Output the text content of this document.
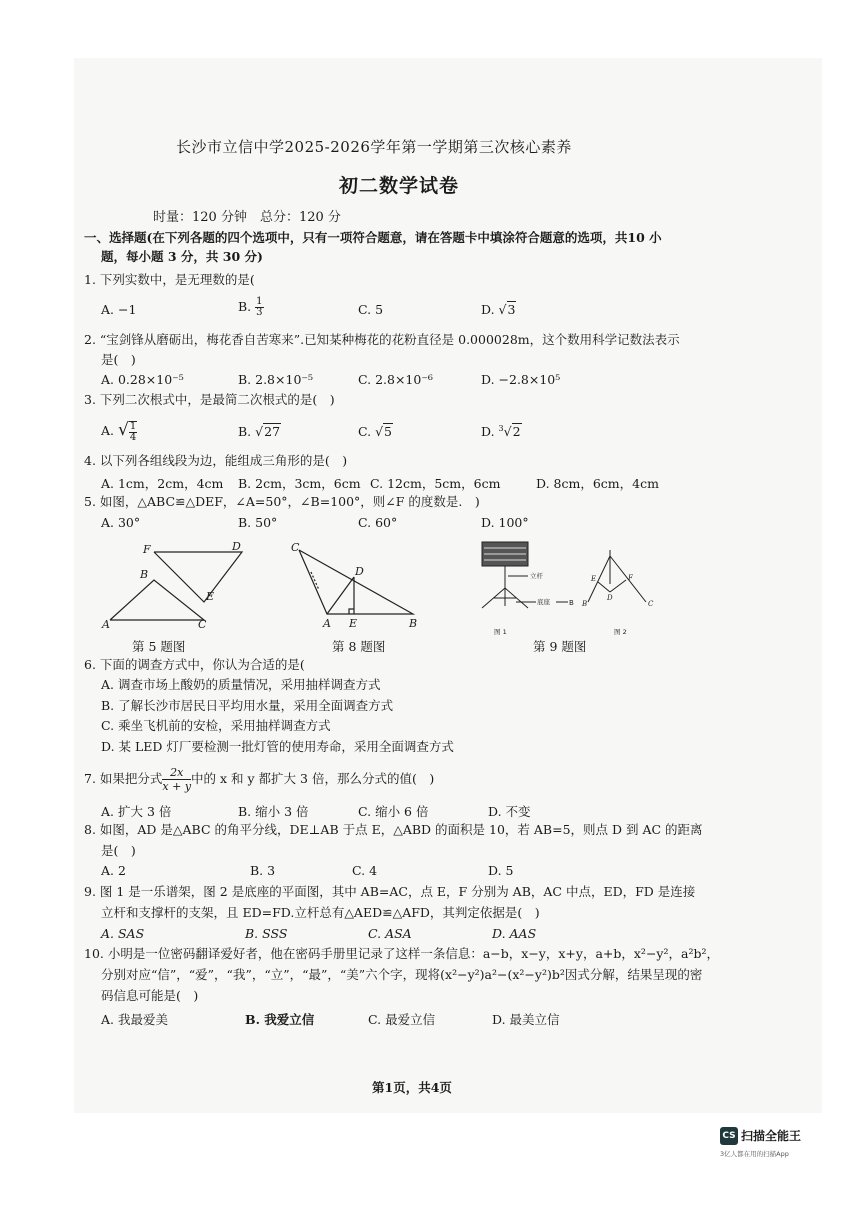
长沙市立信中学2025-2026学年第一学期第三次核心素养
初二数学试卷
时量：120 分钟　总分：120 分
一、选择题(在下列各题的四个选项中，只有一项符合题意，请在答题卡中填涂符合题意的选项，共10 小
题，每小题 3 分，共 30 分)
1. 下列实数中，是无理数的是(
A. −1	B. $\frac{1}{3}$	C. 5	D. √3
2. “宝剑锋从磨砺出，梅花香自苦寒来”.已知某种梅花的花粉直径是 0.000028m，这个数用科学记数法表示
是(　)
A. 0.28×10⁻⁵	B. 2.8×10⁻⁵	C. 2.8×10⁻⁶	D. −2.8×10⁵
3. 下列二次根式中，是最简二次根式的是(　)
A. √ $\frac{1}{4}$	B. √27	C. √5	D. $^3$√2
4. 以下列各组线段为边，能组成三角形的是(　)
A. 1cm，2cm，4cm B. 2cm，3cm，6cm C. 12cm，5cm，6cm	D. 8cm，6cm，4cm
5. 如图，△ABC≌△DEF，∠A=50°，∠B=100°，则∠F 的度数是.　)
A. 30°	B. 50°	C. 60°	D. 100°
F	D
B
E
A	C
第 5 题图
C
D
A E	B
第 8 题图
立杆
底座	B
图 1	图 2
E	F
D
B	C
第 9 题图
6. 下面的调查方式中，你认为合适的是(
A. 调查市场上酸奶的质量情况，采用抽样调查方式
B. 了解长沙市居民日平均用水量，采用全面调查方式
C. 乘坐飞机前的安检，采用抽样调查方式
D. 某 LED 灯厂要检测一批灯管的使用寿命，采用全面调查方式
7. 如果把分式 $\frac{2x}{x + y}$ 中的 x 和 y 都扩大 3 倍，那么分式的值(　)
A. 扩大 3 倍	B. 缩小 3 倍	C. 缩小 6 倍	D. 不变
8. 如图，AD 是△ABC 的角平分线，DE⊥AB 于点 E，△ABD 的面积是 10，若 AB=5，则点 D 到 AC 的距离
是(　)
A. 2	B. 3	C. 4	D. 5
9. 图 1 是一乐谱架，图 2 是底座的平面图，其中 AB=AC，点 E，F 分别为 AB，AC 中点，ED，FD 是连接
立杆和支撑杆的支架，且 ED=FD.立杆总有△AED≌△AFD，其判定依据是(　)
A. SAS	B. SSS	C. ASA	D. AAS
10. 小明是一位密码翻译爱好者，他在密码手册里记录了这样一条信息：a−b，x−y，x+y，a+b，x²−y²，a²b²，
分别对应“信”，“爱”，“我”，“立”，“最”，“美”六个字，现将(x²−y²)a²−(x²−y²)b²因式分解，结果呈现的密
码信息可能是(　)
A. 我最爱美	B. 我爱立信	C. 最爱立信	D. 最美立信
第1页，共4页
CS 扫描全能王
3亿人都在用的扫描App
